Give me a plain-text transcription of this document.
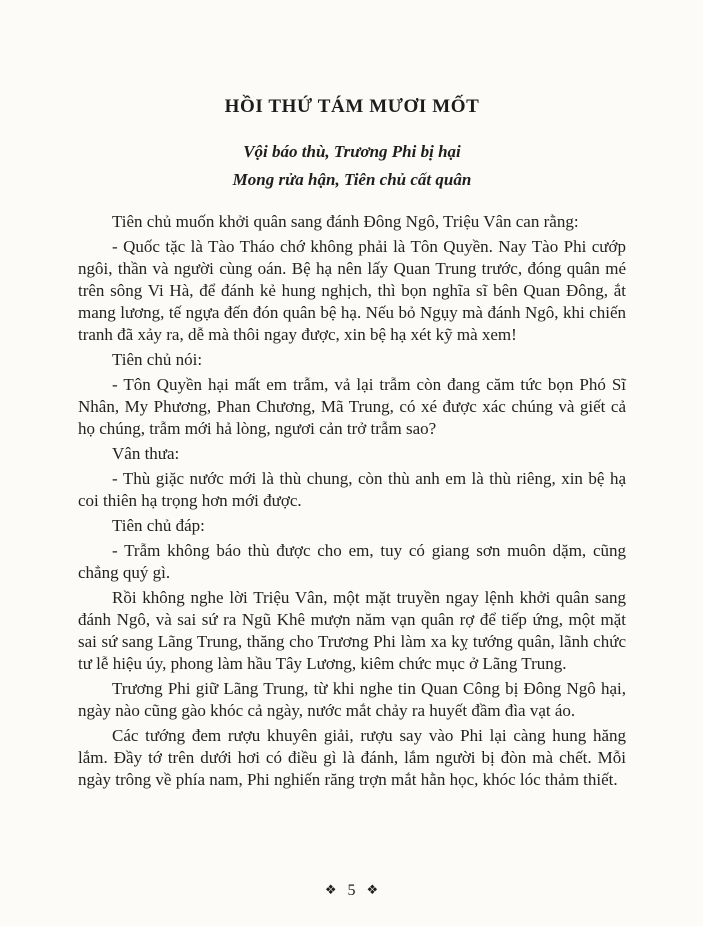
HỒI THỨ TÁM MƯƠI MỐT

Vội báo thù, Trương Phi bị hại

Mong rửa hận, Tiên chủ cất quân

Tiên chủ muốn khởi quân sang đánh Đông Ngô, Triệu Vân can rằng:

- Quốc tặc là Tào Tháo chớ không phải là Tôn Quyền. Nay Tào Phi cướp ngôi, thần và người cùng oán. Bệ hạ nên lấy Quan Trung trước, đóng quân mé trên sông Vi Hà, để đánh kẻ hung nghịch, thì bọn nghĩa sĩ bên Quan Đông, ắt mang lương, tế ngựa đến đón quân bệ hạ. Nếu bỏ Ngụy mà đánh Ngô, khi chiến tranh đã xảy ra, dễ mà thôi ngay được, xin bệ hạ xét kỹ mà xem!

Tiên chủ nói:

- Tôn Quyền hại mất em trẫm, vả lại trẫm còn đang căm tức bọn Phó Sĩ Nhân, My Phương, Phan Chương, Mã Trung, có xé được xác chúng và giết cả họ chúng, trẫm mới hả lòng, ngươi cản trở trẫm sao?

Vân thưa:

- Thù giặc nước mới là thù chung, còn thù anh em là thù riêng, xin bệ hạ coi thiên hạ trọng hơn mới được.

Tiên chủ đáp:

- Trẫm không báo thù được cho em, tuy có giang sơn muôn dặm, cũng chẳng quý gì.

Rồi không nghe lời Triệu Vân, một mặt truyền ngay lệnh khởi quân sang đánh Ngô, và sai sứ ra Ngũ Khê mượn năm vạn quân rợ để tiếp ứng, một mặt sai sứ sang Lãng Trung, thăng cho Trương Phi làm xa kỵ tướng quân, lãnh chức tư lễ hiệu úy, phong làm hầu Tây Lương, kiêm chức mục ở Lãng Trung.

Trương Phi giữ Lãng Trung, từ khi nghe tin Quan Công bị Đông Ngô hại, ngày nào cũng gào khóc cả ngày, nước mắt chảy ra huyết đầm đìa vạt áo.

Các tướng đem rượu khuyên giải, rượu say vào Phi lại càng hung hăng lắm. Đầy tớ trên dưới hơi có điều gì là đánh, lắm người bị đòn mà chết. Mỗi ngày trông về phía nam, Phi nghiến răng trợn mắt hằn học, khóc lóc thảm thiết.

❖ 5 ❖
